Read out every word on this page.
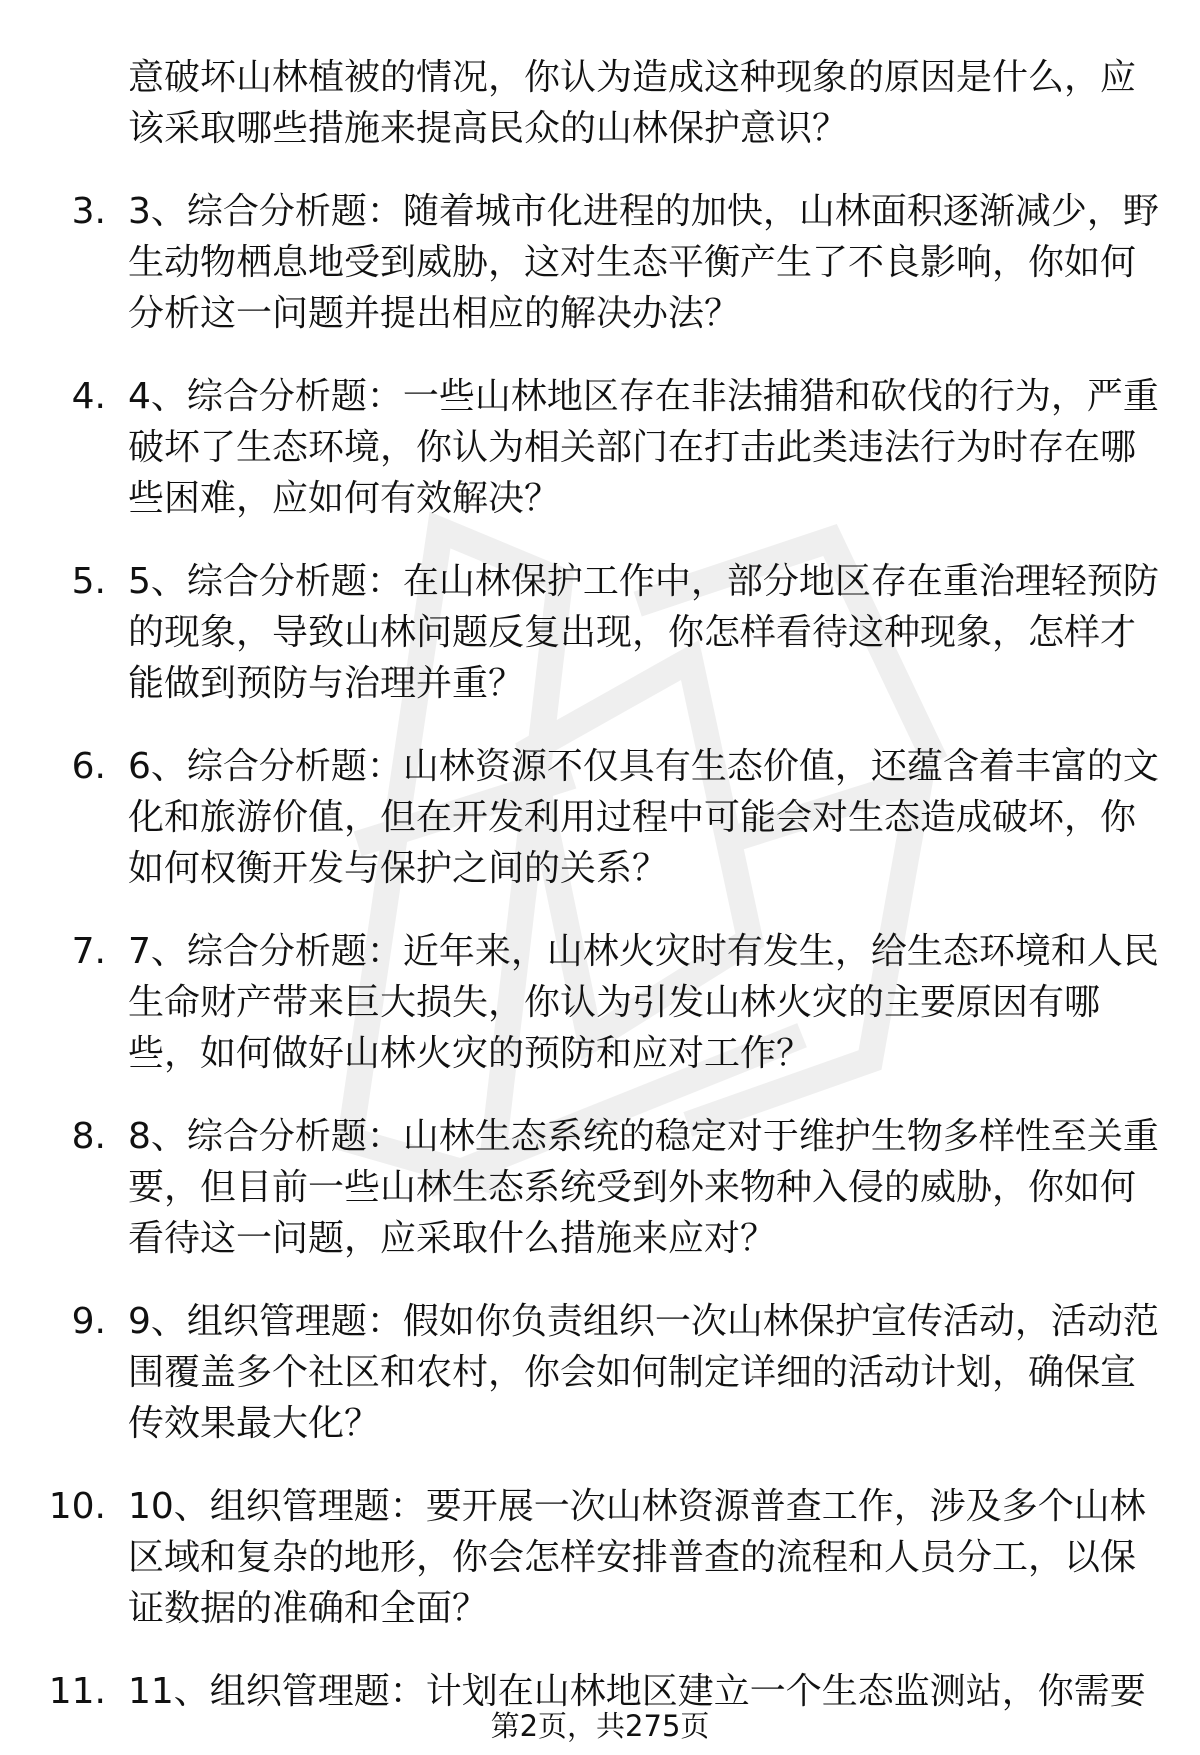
意破坏山林植被的情况，你认为造成这种现象的原因是什么，应该采取哪些措施来提高民众的山林保护意识？
3. 3、综合分析题：随着城市化进程的加快，山林面积逐渐减少，野生动物栖息地受到威胁，这对生态平衡产生了不良影响，你如何分析这一问题并提出相应的解决办法？
4. 4、综合分析题：一些山林地区存在非法捕猎和砍伐的行为，严重破坏了生态环境，你认为相关部门在打击此类违法行为时存在哪些困难，应如何有效解决？
5. 5、综合分析题：在山林保护工作中，部分地区存在重治理轻预防的现象，导致山林问题反复出现，你怎样看待这种现象，怎样才能做到预防与治理并重？
6. 6、综合分析题：山林资源不仅具有生态价值，还蕴含着丰富的文化和旅游价值，但在开发利用过程中可能会对生态造成破坏，你如何权衡开发与保护之间的关系？
7. 7、综合分析题：近年来，山林火灾时有发生，给生态环境和人民生命财产带来巨大损失，你认为引发山林火灾的主要原因有哪些，如何做好山林火灾的预防和应对工作？
8. 8、综合分析题：山林生态系统的稳定对于维护生物多样性至关重要，但目前一些山林生态系统受到外来物种入侵的威胁，你如何看待这一问题，应采取什么措施来应对？
9. 9、组织管理题：假如你负责组织一次山林保护宣传活动，活动范围覆盖多个社区和农村，你会如何制定详细的活动计划，确保宣传效果最大化？
10. 10、组织管理题：要开展一次山林资源普查工作，涉及多个山林区域和复杂的地形，你会怎样安排普查的流程和人员分工，以保证数据的准确和全面？
11. 11、组织管理题：计划在山林地区建立一个生态监测站，你需要
第2页，共275页
